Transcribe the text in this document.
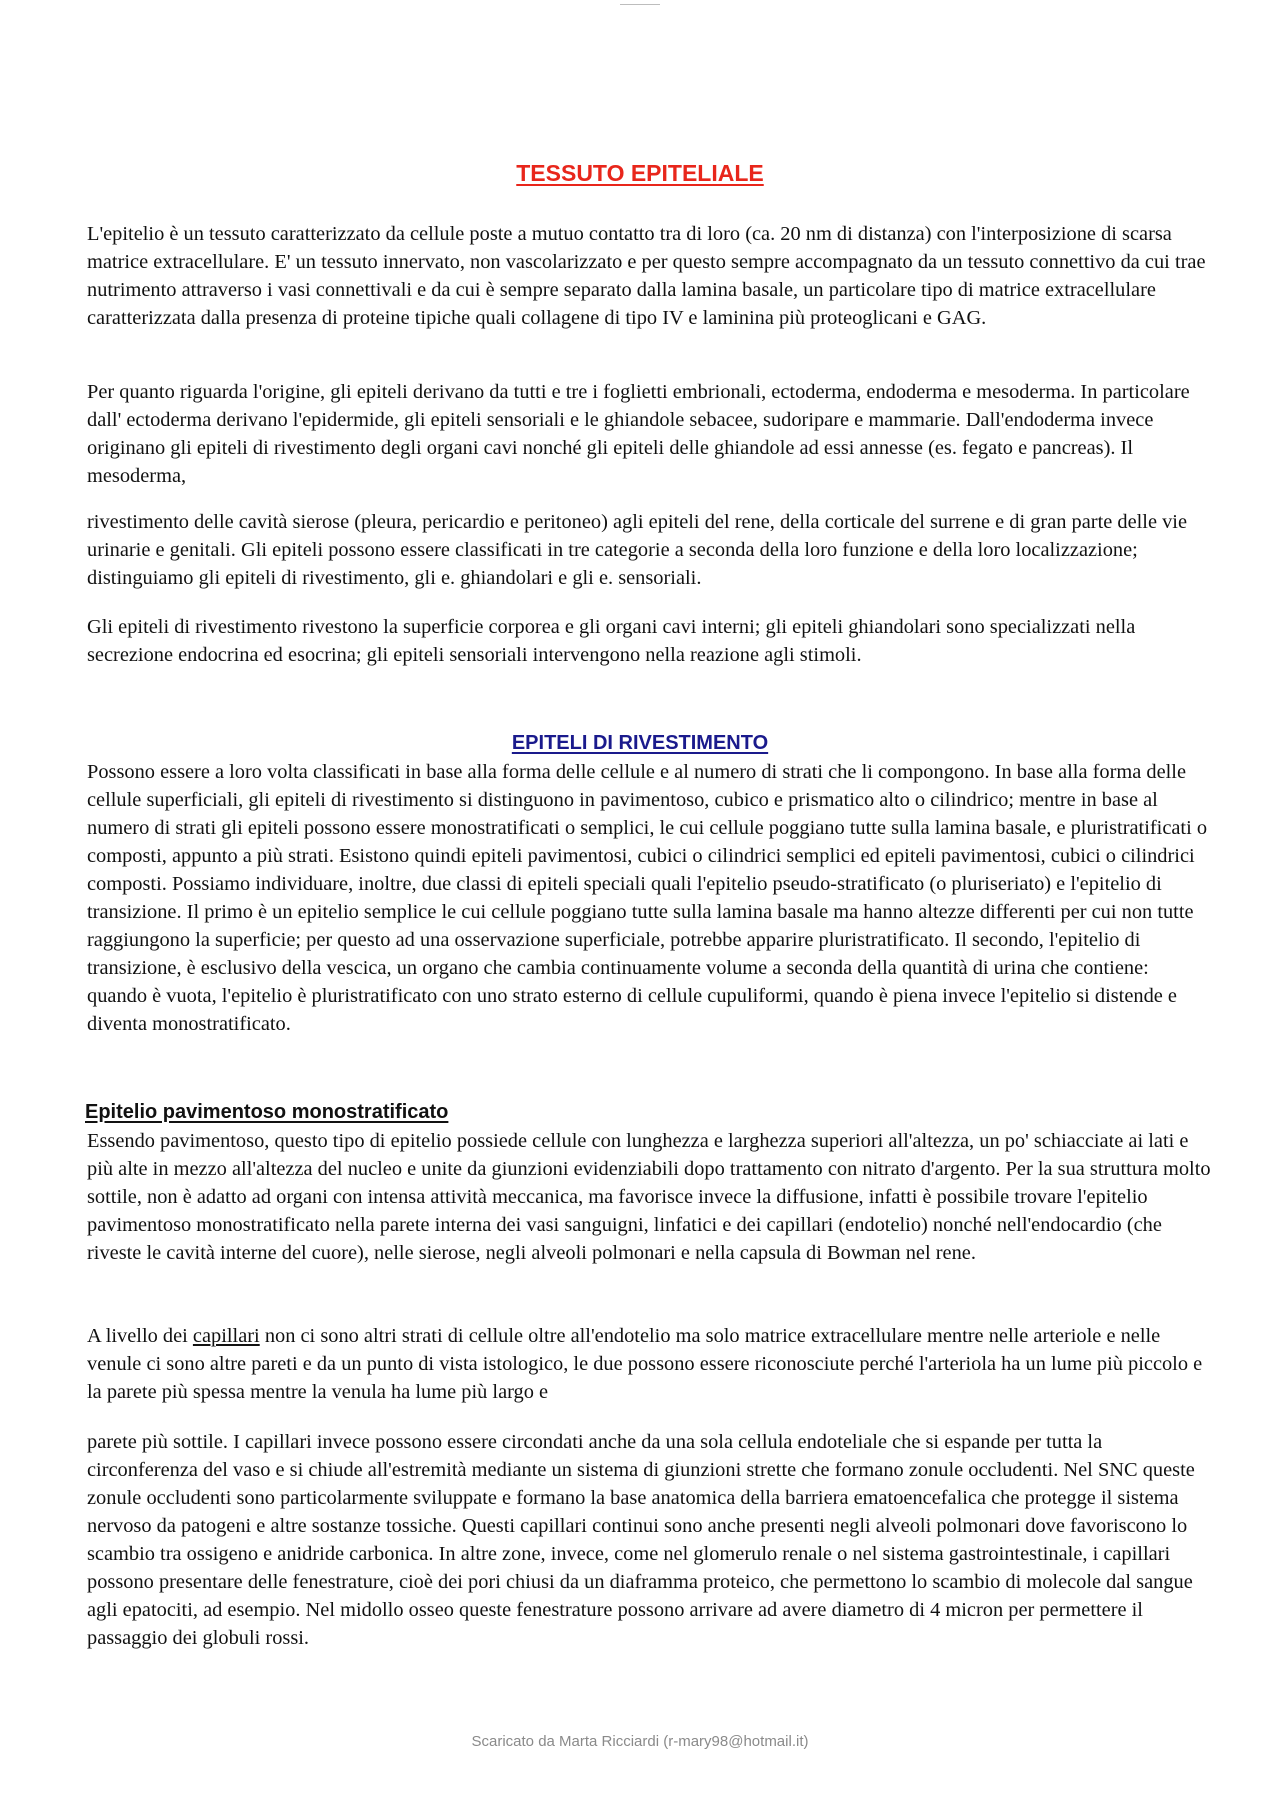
TESSUTO EPITELIALE

L'epitelio è un tessuto caratterizzato da cellule poste a mutuo contatto tra di loro (ca. 20 nm di distanza) con l'interposizione di scarsa matrice extracellulare. E' un tessuto innervato, non vascolarizzato e per questo sempre accompagnato da un tessuto connettivo da cui trae nutrimento attraverso i vasi connettivali e da cui è sempre separato dalla lamina basale, un particolare tipo di matrice extracellulare caratterizzata dalla presenza di proteine tipiche quali collagene di tipo IV e laminina più proteoglicani e GAG.

Per quanto riguarda l'origine, gli epiteli derivano da tutti e tre i foglietti embrionali, ectoderma, endoderma e mesoderma. In particolare dall' ectoderma derivano l'epidermide, gli epiteli sensoriali e le ghiandole sebacee, sudoripare e mammarie. Dall'endoderma invece originano gli epiteli di rivestimento degli organi cavi nonché gli epiteli delle ghiandole ad essi annesse (es. fegato e pancreas). Il mesoderma,

rivestimento delle cavità sierose (pleura, pericardio e peritoneo) agli epiteli del rene, della corticale del surrene e di gran parte delle vie urinarie e genitali. Gli epiteli possono essere classificati in tre categorie a seconda della loro funzione e della loro localizzazione; distinguiamo gli epiteli di rivestimento, gli e. ghiandolari e gli e. sensoriali.

Gli epiteli di rivestimento rivestono la superficie corporea e gli organi cavi interni; gli epiteli ghiandolari sono specializzati nella secrezione endocrina ed esocrina; gli epiteli sensoriali intervengono nella reazione agli stimoli.

EPITELI DI RIVESTIMENTO

Possono essere a loro volta classificati in base alla forma delle cellule e al numero di strati che li compongono. In base alla forma delle cellule superficiali, gli epiteli di rivestimento si distinguono in pavimentoso, cubico e prismatico alto o cilindrico; mentre in base al numero di strati gli epiteli possono essere monostratificati o semplici, le cui cellule poggiano tutte sulla lamina basale, e pluristratificati o composti, appunto a più strati. Esistono quindi epiteli pavimentosi, cubici o cilindrici semplici ed epiteli pavimentosi, cubici o cilindrici composti. Possiamo individuare, inoltre, due classi di epiteli speciali quali l'epitelio pseudo-stratificato (o pluriseriato) e l'epitelio di transizione. Il primo è un epitelio semplice le cui cellule poggiano tutte sulla lamina basale ma hanno altezze differenti per cui non tutte raggiungono la superficie; per questo ad una osservazione superficiale, potrebbe apparire pluristratificato. Il secondo, l'epitelio di transizione, è esclusivo della vescica, un organo che cambia continuamente volume a seconda della quantità di urina che contiene: quando è vuota, l'epitelio è pluristratificato con uno strato esterno di cellule cupuliformi, quando è piena invece l'epitelio si distende e diventa monostratificato.

Epitelio pavimentoso monostratificato

Essendo pavimentoso, questo tipo di epitelio possiede cellule con lunghezza e larghezza superiori all'altezza, un po' schiacciate ai lati e più alte in mezzo all'altezza del nucleo e unite da giunzioni evidenziabili dopo trattamento con nitrato d'argento. Per la sua struttura molto sottile, non è adatto ad organi con intensa attività meccanica, ma favorisce invece la diffusione, infatti è possibile trovare l'epitelio pavimentoso monostratificato nella parete interna dei vasi sanguigni, linfatici e dei capillari (endotelio) nonché nell'endocardio (che riveste le cavità interne del cuore), nelle sierose, negli alveoli polmonari e nella capsula di Bowman nel rene.

A livello dei capillari non ci sono altri strati di cellule oltre all'endotelio ma solo matrice extracellulare mentre nelle arteriole e nelle venule ci sono altre pareti e da un punto di vista istologico, le due possono essere riconosciute perché l'arteriola ha un lume più piccolo e la parete più spessa mentre la venula ha lume più largo e

parete più sottile. I capillari invece possono essere circondati anche da una sola cellula endoteliale che si espande per tutta la circonferenza del vaso e si chiude all'estremità mediante un sistema di giunzioni strette che formano zonule occludenti. Nel SNC queste zonule occludenti sono particolarmente sviluppate e formano la base anatomica della barriera ematoencefalica che protegge il sistema nervoso da patogeni e altre sostanze tossiche. Questi capillari continui sono anche presenti negli alveoli polmonari dove favoriscono lo scambio tra ossigeno e anidride carbonica. In altre zone, invece, come nel glomerulo renale o nel sistema gastrointestinale, i capillari possono presentare delle fenestrature, cioè dei pori chiusi da un diaframma proteico, che permettono lo scambio di molecole dal sangue agli epatociti, ad esempio. Nel midollo osseo queste fenestrature possono arrivare ad avere diametro di 4 micron per permettere il passaggio dei globuli rossi.

Scaricato da Marta Ricciardi (r-mary98@hotmail.it)
